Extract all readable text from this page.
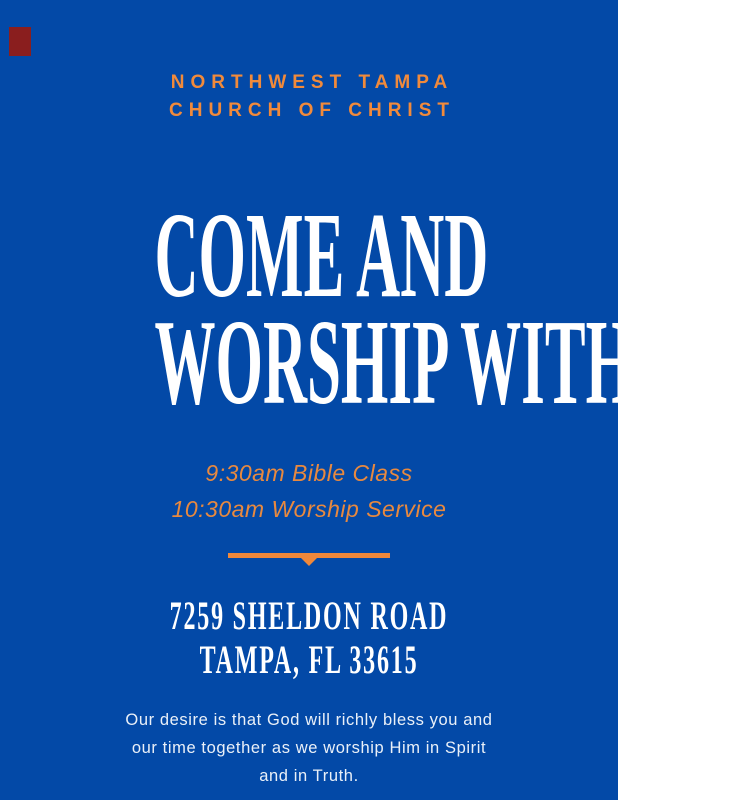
NORTHWEST TAMPA
CHURCH OF CHRIST
COME AND
WORSHIP WITH US.
9:30am Bible Class
10:30am Worship Service
7259 SHELDON ROAD
TAMPA, FL 33615
Our desire is that God will richly bless you and
our time together as we worship Him in Spirit
and in Truth.
